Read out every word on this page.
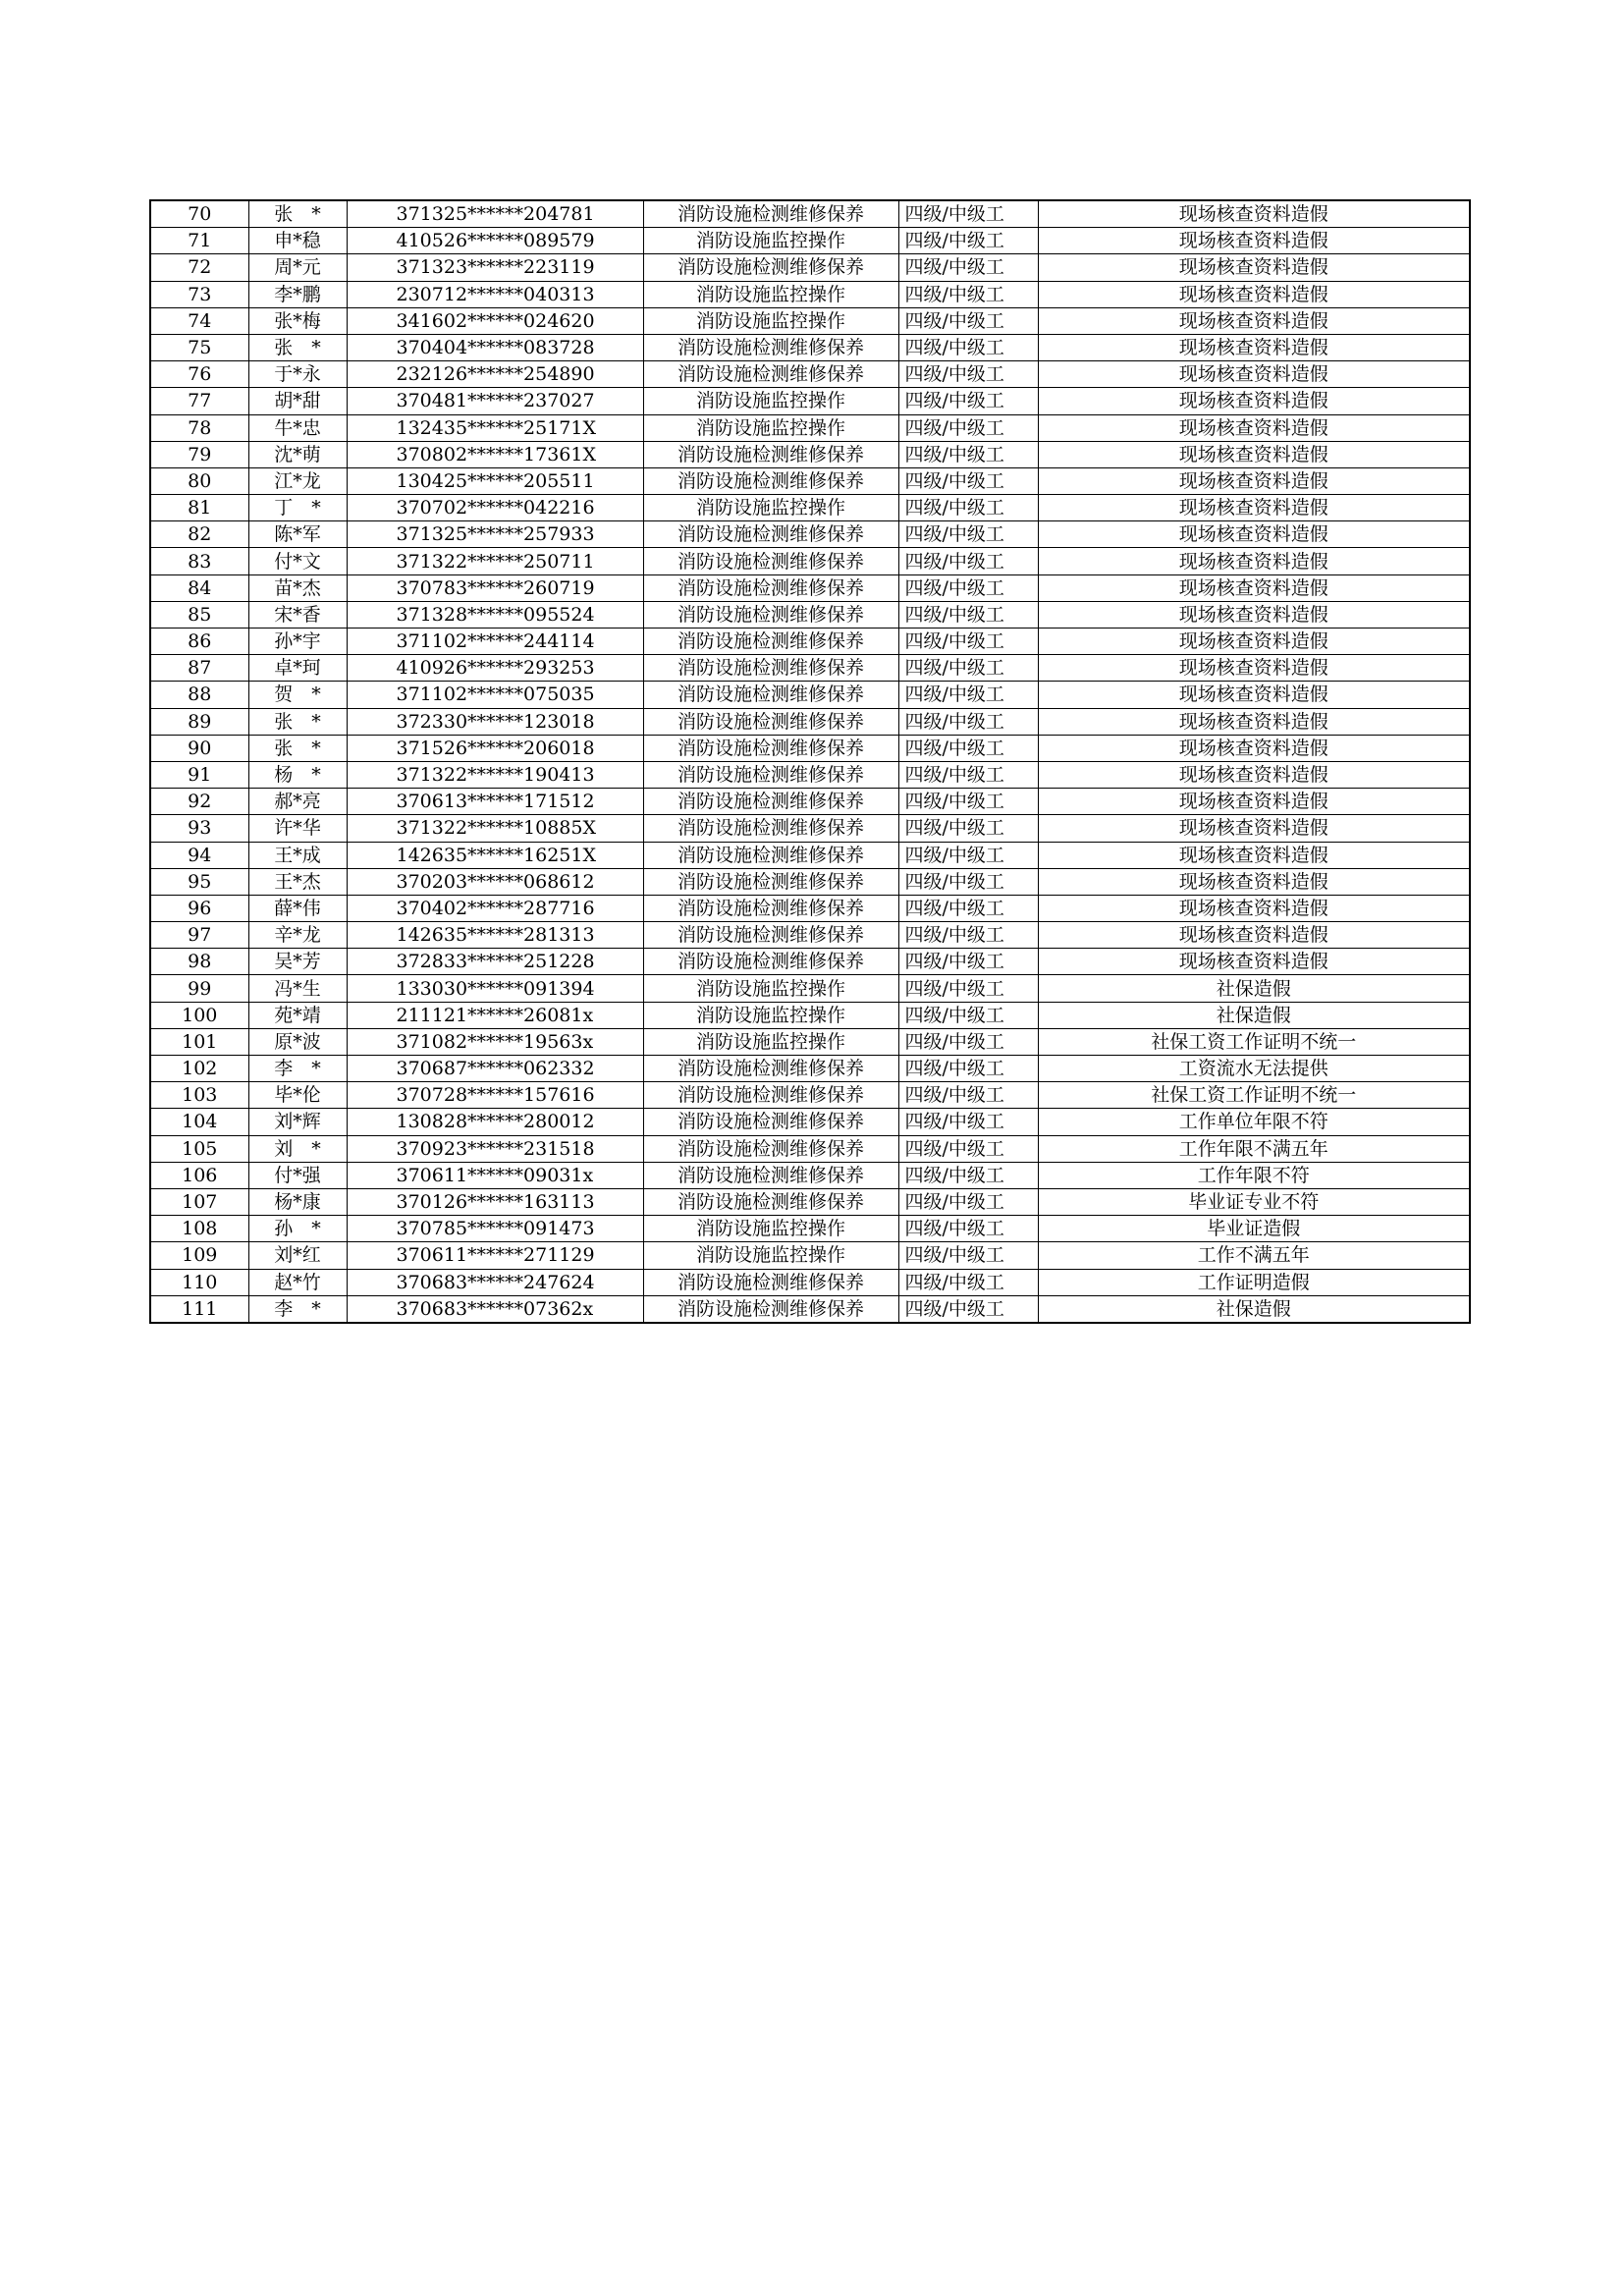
70	张　*	371325******204781	消防设施检测维修保养	四级/中级工	现场核查资料造假
71	申*稳	410526******089579	消防设施监控操作	四级/中级工	现场核查资料造假
72	周*元	371323******223119	消防设施检测维修保养	四级/中级工	现场核查资料造假
73	李*鹏	230712******040313	消防设施监控操作	四级/中级工	现场核查资料造假
74	张*梅	341602******024620	消防设施监控操作	四级/中级工	现场核查资料造假
75	张　*	370404******083728	消防设施检测维修保养	四级/中级工	现场核查资料造假
76	于*永	232126******254890	消防设施检测维修保养	四级/中级工	现场核查资料造假
77	胡*甜	370481******237027	消防设施监控操作	四级/中级工	现场核查资料造假
78	牛*忠	132435******25171X	消防设施监控操作	四级/中级工	现场核查资料造假
79	沈*萌	370802******17361X	消防设施检测维修保养	四级/中级工	现场核查资料造假
80	江*龙	130425******205511	消防设施检测维修保养	四级/中级工	现场核查资料造假
81	丁　*	370702******042216	消防设施监控操作	四级/中级工	现场核查资料造假
82	陈*军	371325******257933	消防设施检测维修保养	四级/中级工	现场核查资料造假
83	付*文	371322******250711	消防设施检测维修保养	四级/中级工	现场核查资料造假
84	苗*杰	370783******260719	消防设施检测维修保养	四级/中级工	现场核查资料造假
85	宋*香	371328******095524	消防设施检测维修保养	四级/中级工	现场核查资料造假
86	孙*宇	371102******244114	消防设施检测维修保养	四级/中级工	现场核查资料造假
87	卓*珂	410926******293253	消防设施检测维修保养	四级/中级工	现场核查资料造假
88	贺　*	371102******075035	消防设施检测维修保养	四级/中级工	现场核查资料造假
89	张　*	372330******123018	消防设施检测维修保养	四级/中级工	现场核查资料造假
90	张　*	371526******206018	消防设施检测维修保养	四级/中级工	现场核查资料造假
91	杨　*	371322******190413	消防设施检测维修保养	四级/中级工	现场核查资料造假
92	郝*亮	370613******171512	消防设施检测维修保养	四级/中级工	现场核查资料造假
93	许*华	371322******10885X	消防设施检测维修保养	四级/中级工	现场核查资料造假
94	王*成	142635******16251X	消防设施检测维修保养	四级/中级工	现场核查资料造假
95	王*杰	370203******068612	消防设施检测维修保养	四级/中级工	现场核查资料造假
96	薛*伟	370402******287716	消防设施检测维修保养	四级/中级工	现场核查资料造假
97	辛*龙	142635******281313	消防设施检测维修保养	四级/中级工	现场核查资料造假
98	吴*芳	372833******251228	消防设施检测维修保养	四级/中级工	现场核查资料造假
99	冯*生	133030******091394	消防设施监控操作	四级/中级工	社保造假
100	苑*靖	211121******26081x	消防设施监控操作	四级/中级工	社保造假
101	原*波	371082******19563x	消防设施监控操作	四级/中级工	社保工资工作证明不统一
102	李　*	370687******062332	消防设施检测维修保养	四级/中级工	工资流水无法提供
103	毕*伦	370728******157616	消防设施检测维修保养	四级/中级工	社保工资工作证明不统一
104	刘*辉	130828******280012	消防设施检测维修保养	四级/中级工	工作单位年限不符
105	刘　*	370923******231518	消防设施检测维修保养	四级/中级工	工作年限不满五年
106	付*强	370611******09031x	消防设施检测维修保养	四级/中级工	工作年限不符
107	杨*康	370126******163113	消防设施检测维修保养	四级/中级工	毕业证专业不符
108	孙　*	370785******091473	消防设施监控操作	四级/中级工	毕业证造假
109	刘*红	370611******271129	消防设施监控操作	四级/中级工	工作不满五年
110	赵*竹	370683******247624	消防设施检测维修保养	四级/中级工	工作证明造假
111	李　*	370683******07362x	消防设施检测维修保养	四级/中级工	社保造假
